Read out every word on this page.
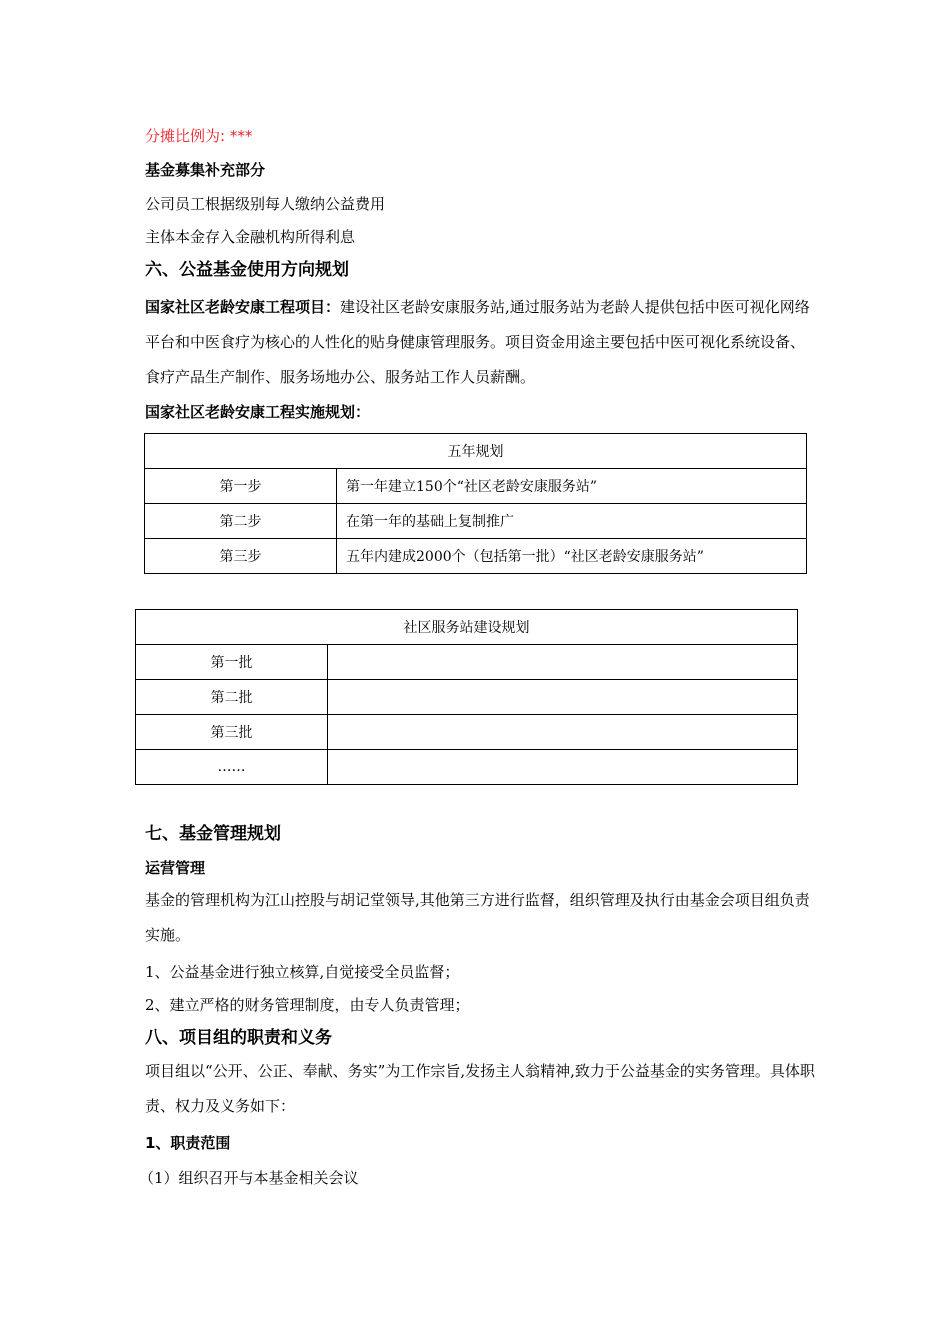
分摊比例为: ***

基金募集补充部分

公司员工根据级别每人缴纳公益费用

主体本金存入金融机构所得利息

六、公益基金使用方向规划

国家社区老龄安康工程项目：建设社区老龄安康服务站,通过服务站为老龄人提供包括中医可视化网络平台和中医食疗为核心的人性化的贴身健康管理服务。项目资金用途主要包括中医可视化系统设备、食疗产品生产制作、服务场地办公、服务站工作人员薪酬。

国家社区老龄安康工程实施规划：

五年规划	
第一步	第一年建立150个“社区老龄安康服务站”
第二步	在第一年的基础上复制推广
第三步	五年内建成2000个（包括第一批）“社区老龄安康服务站”
社区服务站建设规划	
第一批	
第二批	
第三批	
……	

七、基金管理规划

运营管理

基金的管理机构为江山控股与胡记堂领导,其他第三方进行监督，组织管理及执行由基金会项目组负责实施。

1、公益基金进行独立核算,自觉接受全员监督；

2、建立严格的财务管理制度，由专人负责管理；

八、项目组的职责和义务

项目组以“公开、公正、奉献、务实”为工作宗旨,发扬主人翁精神,致力于公益基金的实务管理。具体职责、权力及义务如下：

1、职责范围

（1）组织召开与本基金相关会议
